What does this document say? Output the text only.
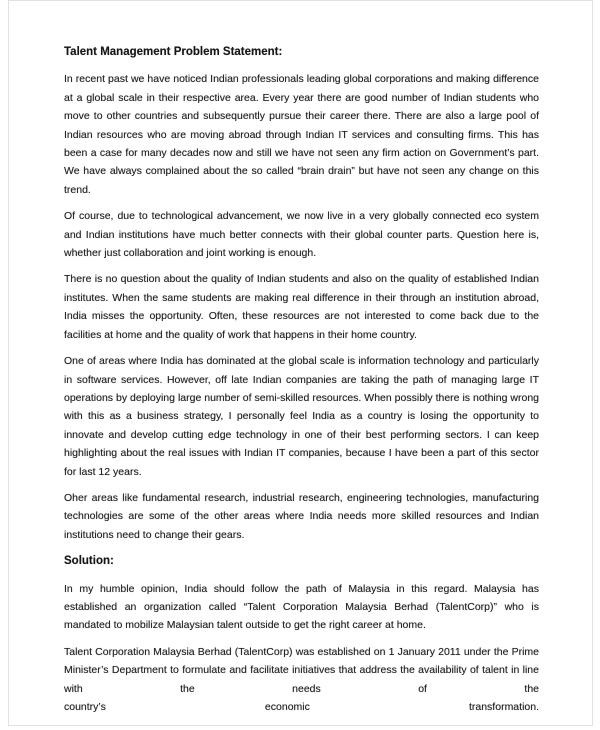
Talent Management Problem Statement:

In recent past we have noticed Indian professionals leading global corporations and making difference at a global scale in their respective area. Every year there are good number of Indian students who move to other countries and subsequently pursue their career there. There are also a large pool of Indian resources who are moving abroad through Indian IT services and consulting firms. This has been a case for many decades now and still we have not seen any firm action on Government’s part. We have always complained about the so called “brain drain” but have not seen any change on this trend.

Of course, due to technological advancement, we now live in a very globally connected eco system and Indian institutions have much better connects with their global counter parts. Question here is, whether just collaboration and joint working is enough.

There is no question about the quality of Indian students and also on the quality of established Indian institutes. When the same students are making real difference in their through an institution abroad, India misses the opportunity. Often, these resources are not interested to come back due to the facilities at home and the quality of work that happens in their home country.

One of areas where India has dominated at the global scale is information technology and particularly in software services. However, off late Indian companies are taking the path of managing large IT operations by deploying large number of semi-skilled resources. When possibly there is nothing wrong with this as a business strategy, I personally feel India as a country is losing the opportunity to innovate and develop cutting edge technology in one of their best performing sectors. I can keep highlighting about the real issues with Indian IT companies, because I have been a part of this sector for last 12 years.

Oher areas like fundamental research, industrial research, engineering technologies, manufacturing technologies are some of the other areas where India needs more skilled resources and Indian institutions need to change their gears.

Solution:

In my humble opinion, India should follow the path of Malaysia in this regard. Malaysia has established an organization called “Talent Corporation Malaysia Berhad (TalentCorp)” who is mandated to mobilize Malaysian talent outside to get the right career at home.

Talent Corporation Malaysia Berhad (TalentCorp) was established on 1 January 2011 under the Prime Minister’s Department to formulate and facilitate initiatives that address the availability of talent in line with the needs of the

country’s	economic	transformation.
